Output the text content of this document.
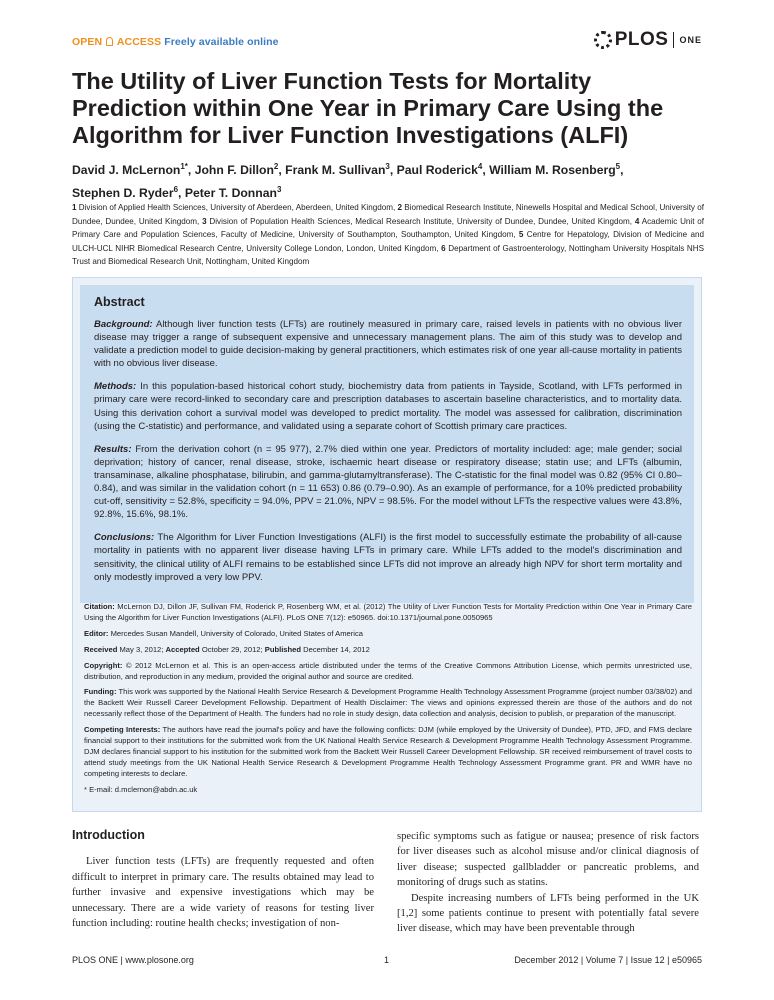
OPEN ACCESS Freely available online	PLOS ONE
The Utility of Liver Function Tests for Mortality Prediction within One Year in Primary Care Using the Algorithm for Liver Function Investigations (ALFI)
David J. McLernon$^{1*}$, John F. Dillon$^2$, Frank M. Sullivan$^3$, Paul Roderick$^4$, William M. Rosenberg$^5$,
Stephen D. Ryder$^6$, Peter T. Donnan$^3$
1 Division of Applied Health Sciences, University of Aberdeen, Aberdeen, United Kingdom, 2 Biomedical Research Institute, Ninewells Hospital and Medical School, University of Dundee, Dundee, United Kingdom, 3 Division of Population Health Sciences, Medical Research Institute, University of Dundee, Dundee, United Kingdom, 4 Academic Unit of Primary Care and Population Sciences, Faculty of Medicine, University of Southampton, Southampton, United Kingdom, 5 Centre for Hepatology, Division of Medicine and ULCH-UCL NIHR Biomedical Research Centre, University College London, London, United Kingdom, 6 Department of Gastroenterology, Nottingham University Hospitals NHS Trust and Biomedical Research Unit, Nottingham, United Kingdom
Abstract

Background: Although liver function tests (LFTs) are routinely measured in primary care, raised levels in patients with no obvious liver disease may trigger a range of subsequent expensive and unnecessary management plans. The aim of this study was to develop and validate a prediction model to guide decision-making by general practitioners, which estimates risk of one year all-cause mortality in patients with no obvious liver disease.

Methods: In this population-based historical cohort study, biochemistry data from patients in Tayside, Scotland, with LFTs performed in primary care were record-linked to secondary care and prescription databases to ascertain baseline characteristics, and to mortality data. Using this derivation cohort a survival model was developed to predict mortality. The model was assessed for calibration, discrimination (using the C-statistic) and performance, and validated using a separate cohort of Scottish primary care practices.

Results: From the derivation cohort (n = 95 977), 2.7% died within one year. Predictors of mortality included: age; male gender; social deprivation; history of cancer, renal disease, stroke, ischaemic heart disease or respiratory disease; statin use; and LFTs (albumin, transaminase, alkaline phosphatase, bilirubin, and gamma-glutamyltransferase). The C-statistic for the final model was 0.82 (95% CI 0.80–0.84), and was similar in the validation cohort (n = 11 653) 0.86 (0.79–0.90). As an example of performance, for a 10% predicted probability cut-off, sensitivity = 52.8%, specificity = 94.0%, PPV = 21.0%, NPV = 98.5%. For the model without LFTs the respective values were 43.8%, 92.8%, 15.6%, 98.1%.

Conclusions: The Algorithm for Liver Function Investigations (ALFI) is the first model to successfully estimate the probability of all-cause mortality in patients with no apparent liver disease having LFTs in primary care. While LFTs added to the model's discrimination and sensitivity, the clinical utility of ALFI remains to be established since LFTs did not improve an already high NPV for short term mortality and only modestly improved a very low PPV.

Citation: McLernon DJ, Dillon JF, Sullivan FM, Roderick P, Rosenberg WM, et al. (2012) The Utility of Liver Function Tests for Mortality Prediction within One Year in Primary Care Using the Algorithm for Liver Function Investigations (ALFI). PLoS ONE 7(12): e50965. doi:10.1371/journal.pone.0050965

Editor: Mercedes Susan Mandell, University of Colorado, United States of America

Received May 3, 2012; Accepted October 29, 2012; Published December 14, 2012

Copyright: © 2012 McLernon et al. This is an open-access article distributed under the terms of the Creative Commons Attribution License, which permits unrestricted use, distribution, and reproduction in any medium, provided the original author and source are credited.

Funding: This work was supported by the National Health Service Research & Development Programme Health Technology Assessment Programme (project number 03/38/02) and the Backett Weir Russell Career Development Fellowship. Department of Health Disclaimer: The views and opinions expressed therein are those of the authors and do not necessarily reflect those of the Department of Health. The funders had no role in study design, data collection and analysis, decision to publish, or preparation of the manuscript.

Competing Interests: The authors have read the journal's policy and have the following conflicts: DJM (while employed by the University of Dundee), PTD, JFD, and FMS declare financial support to their institutions for the submitted work from the UK National Health Service Research & Development Programme Health Technology Assessment Programme. DJM declares financial support to his institution for the submitted work from the Backett Weir Russell Career Development Fellowship. SR received reimbursement of travel costs to attend study meetings from the UK National Health Service Research & Development Programme Health Technology Assessment Programme grant. PR and WMR have no competing interests to declare.

* E-mail: d.mclernon@abdn.ac.uk

Introduction

Liver function tests (LFTs) are frequently requested and often difficult to interpret in primary care. The results obtained may lead to further invasive and expensive investigations which may be unnecessary. There are a wide variety of reasons for testing liver function including: routine health checks; investigation of non-

specific symptoms such as fatigue or nausea; presence of risk factors for liver diseases such as alcohol misuse and/or clinical diagnosis of liver disease; suspected gallbladder or pancreatic problems, and monitoring of drugs such as statins.

Despite increasing numbers of LFTs being performed in the UK [1,2] some patients continue to present with potentially fatal severe liver disease, which may have been preventable through

PLOS ONE | www.plosone.org	1	December 2012 | Volume 7 | Issue 12 | e50965
